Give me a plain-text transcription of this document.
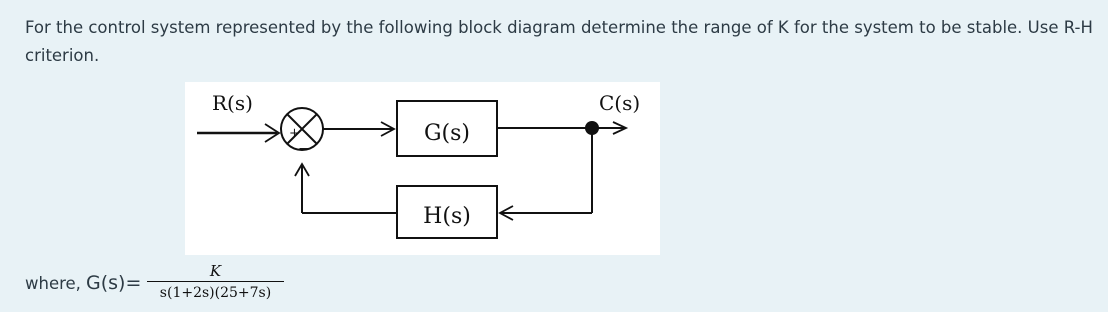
For the control system represented by the following block diagram determine the range of K for the system to be stable. Use R-H criterion.

+
−
G(s)
H(s)
R(s)	C(s)
where, G(s)=
K
s(1+2s)(25+7s)
